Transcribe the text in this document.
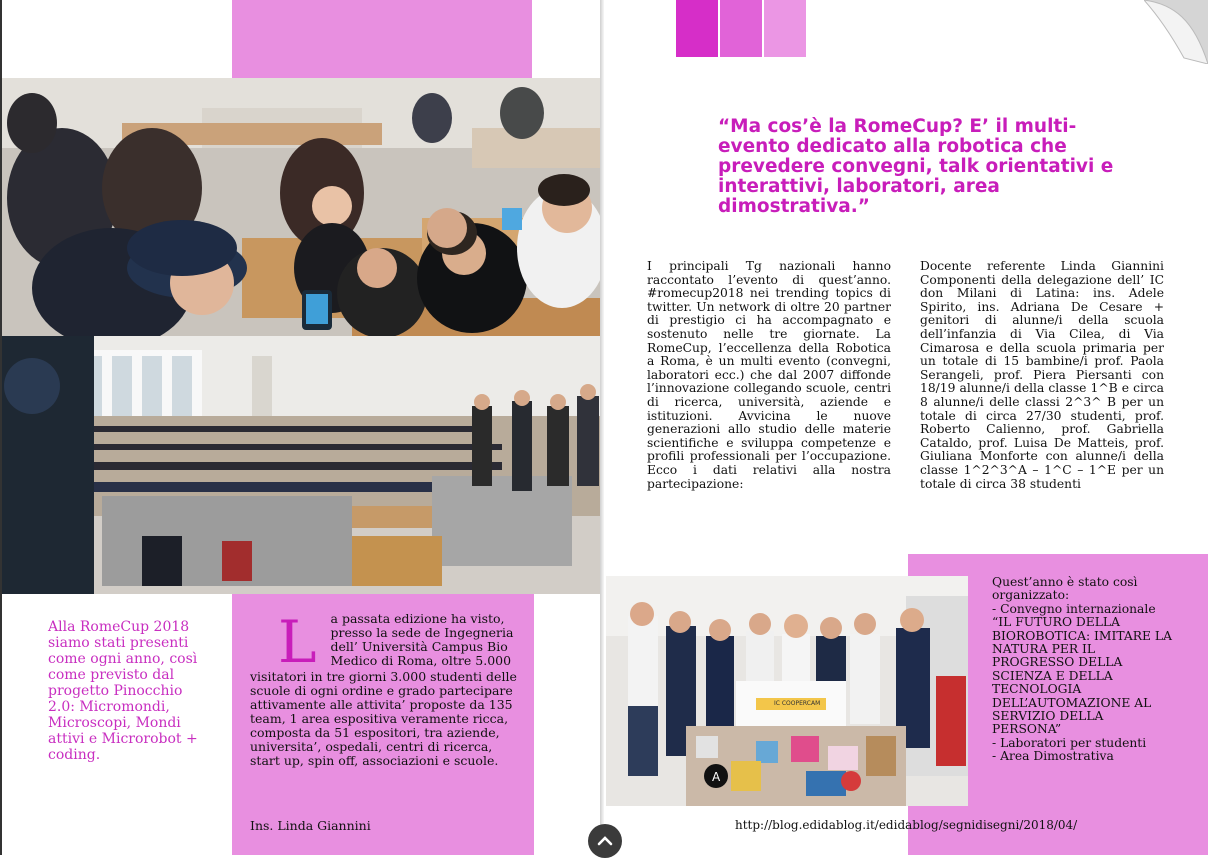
Alla RomeCup 2018 siamo stati presenti come ogni anno, così come previsto dal progetto Pinocchio 2.0: Micromondi, Microscopi, Mondi attivi e Microrobot + coding.
L	a passata edizione ha visto, presso la sede de Ingegneria dell’ Università Campus Bio Medico di Roma, oltre 5.000

visitatori in tre giorni 3.000 studenti delle scuole di ogni ordine e grado partecipare attivamente alle attivita’ proposte da 135 team, 1 area espositiva veramente ricca, composta da 51 espositori, tra aziende, universita’, ospedali, centri di ricerca, start up, spin off, associazioni e scuole.

Ins. Linda Giannini
“Ma cos’è la RomeCup? E’ il multi-evento dedicato alla robotica che prevedere convegni, talk orientativi e interattivi, laboratori, area dimostrativa.”

I principali Tg nazionali hanno raccontato l’evento di quest’anno. #romecup2018 nei trending topics di twitter. Un network di oltre 20 partner di prestigio ci ha accompagnato e sostenuto nelle tre giornate. La RomeCup, l’eccellenza della Robotica a Roma, è un multi evento (convegni, laboratori ecc.) che dal 2007 diffonde l’innovazione collegando scuole, centri di ricerca, università, aziende e istituzioni. Avvicina le nuove generazioni allo studio delle materie scientifiche e sviluppa competenze e profili professionali per l’occupazione. Ecco i dati relativi alla nostra partecipazione:

Docente referente Linda Giannini Componenti della delegazione dell’ IC don Milani di Latina: ins. Adele Spirito, ins. Adriana De Cesare + genitori di alunne/i della scuola dell’infanzia di Via Cilea, di Via Cimarosa e della scuola primaria per un totale di 15 bambine/i prof. Paola Serangeli, prof. Piera Piersanti con 18/19 alunne/i della classe 1^B e circa 8 alunne/i delle classi 2^3^ B per un totale di circa 27/30 studenti, prof. Roberto Calienno, prof. Gabriella Cataldo, prof. Luisa De Matteis, prof. Giuliana Monforte con alunne/i della classe 1^2^3^A – 1^C – 1^E per un totale di circa 38 studenti

A
IC COOPERCAM
Quest’anno è stato così organizzato:
- Convegno internazionale
“IL FUTURO DELLA BIOROBOTICA: IMITARE LA NATURA PER IL PROGRESSO DELLA SCIENZA E DELLA TECNOLOGIA DELL’AUTOMAZIONE AL SERVIZIO DELLA PERSONA”
- Laboratori per studenti
- Area Dimostrativa
http://blog.edidablog.it/edidablog/segnidisegni/2018/04/
